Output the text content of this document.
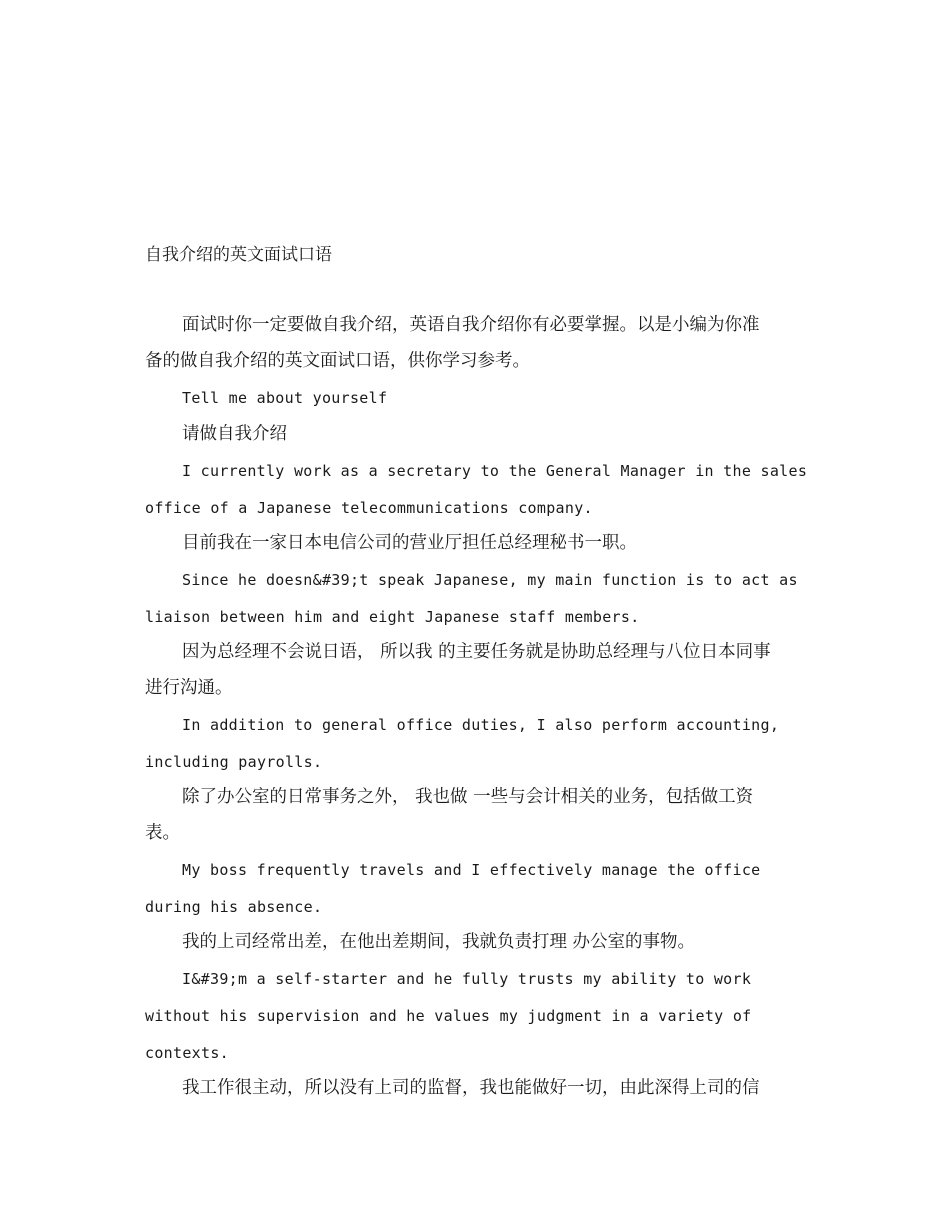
自我介绍的英文面试口语
面试时你一定要做自我介绍，英语自我介绍你有必要掌握。以是小编为你准
备的做自我介绍的英文面试口语，供你学习参考。
Tell me about yourself
请做自我介绍
I currently work as a secretary to the General Manager in the sales
office of a Japanese telecommunications company.
目前我在一家日本电信公司的营业厅担任总经理秘书一职。
Since he doesn&#39;t speak Japanese, my main function is to act as
liaison between him and eight Japanese staff members.
因为总经理不会说日语， 所以我 的主要任务就是协助总经理与八位日本同事
进行沟通。
In addition to general office duties, I also perform accounting,
including payrolls.
除了办公室的日常事务之外， 我也做 一些与会计相关的业务，包括做工资
表。
My boss frequently travels and I effectively manage the office
during his absence.
我的上司经常出差，在他出差期间，我就负责打理 办公室的事物。
I&#39;m a self-starter and he fully trusts my ability to work
without his supervision and he values my judgment in a variety of
contexts.
我工作很主动，所以没有上司的监督，我也能做好一切，由此深得上司的信
